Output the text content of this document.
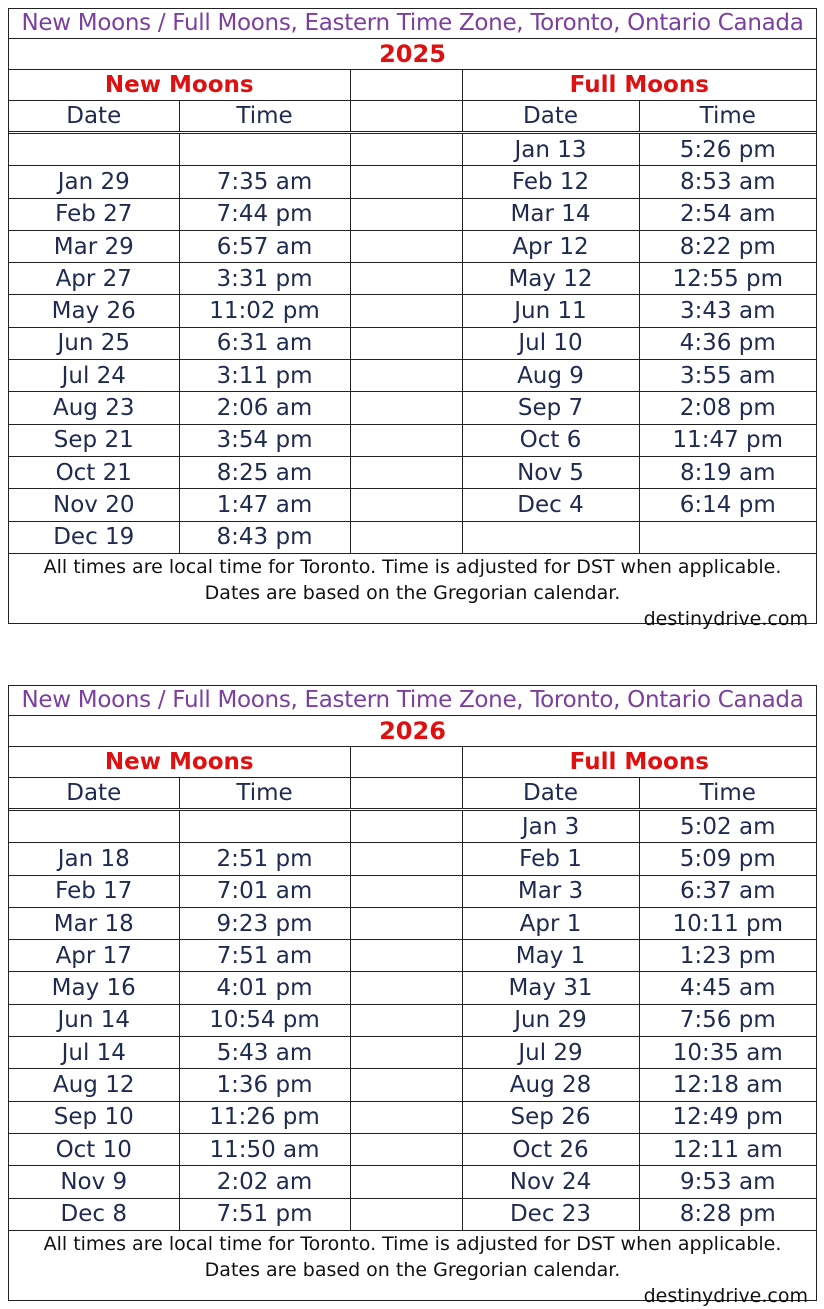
New Moons / Full Moons, Eastern Time Zone, Toronto, Ontario Canada
2025
New Moons			Full Moons	
Date	Time		Date	Time
			Jan 13	5:26 pm
Jan 29	7:35 am		Feb 12	8:53 am
Feb 27	7:44 pm		Mar 14	2:54 am
Mar 29	6:57 am		Apr 12	8:22 pm
Apr 27	3:31 pm		May 12	12:55 pm
May 26	11:02 pm		Jun 11	3:43 am
Jun 25	6:31 am		Jul 10	4:36 pm
Jul 24	3:11 pm		Aug 9	3:55 am
Aug 23	2:06 am		Sep 7	2:08 pm
Sep 21	3:54 pm		Oct 6	11:47 pm
Oct 21	8:25 am		Nov 5	8:19 am
Nov 20	1:47 am		Dec 4	6:14 pm
Dec 19	8:43 pm			
All times are local time for Toronto. Time is adjusted for DST when applicable.
Dates are based on the Gregorian calendar.
destinydrive.com
New Moons / Full Moons, Eastern Time Zone, Toronto, Ontario Canada
2026
New Moons			Full Moons	
Date	Time		Date	Time
			Jan 3	5:02 am
Jan 18	2:51 pm		Feb 1	5:09 pm
Feb 17	7:01 am		Mar 3	6:37 am
Mar 18	9:23 pm		Apr 1	10:11 pm
Apr 17	7:51 am		May 1	1:23 pm
May 16	4:01 pm		May 31	4:45 am
Jun 14	10:54 pm		Jun 29	7:56 pm
Jul 14	5:43 am		Jul 29	10:35 am
Aug 12	1:36 pm		Aug 28	12:18 am
Sep 10	11:26 pm		Sep 26	12:49 pm
Oct 10	11:50 am		Oct 26	12:11 am
Nov 9	2:02 am		Nov 24	9:53 am
Dec 8	7:51 pm		Dec 23	8:28 pm
All times are local time for Toronto. Time is adjusted for DST when applicable.
Dates are based on the Gregorian calendar.
destinydrive.com
